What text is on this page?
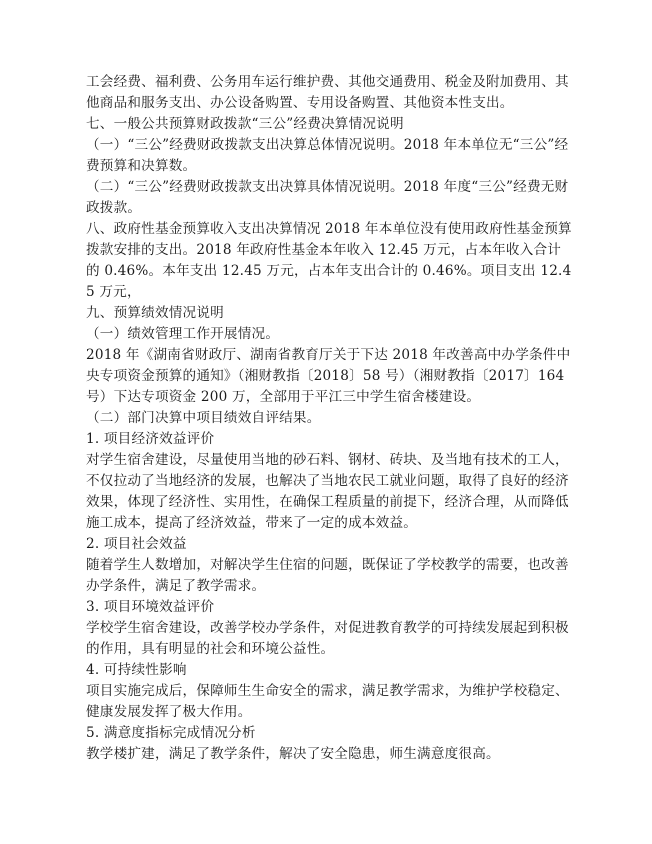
工会经费、福利费、公务用车运行维护费、其他交通费用、税金及附加费用、其他商品和服务支出、办公设备购置、专用设备购置、其他资本性支出。

七、一般公共预算财政拨款“三公”经费决算情况说明

（一）“三公”经费财政拨款支出决算总体情况说明。2018 年本单位无“三公”经费预算和决算数。

（二）“三公”经费财政拨款支出决算具体情况说明。2018 年度“三公”经费无财政拨款。

八、政府性基金预算收入支出决算情况 2018 年本单位没有使用政府性基金预算拨款安排的支出。2018 年政府性基金本年收入 12.45 万元，占本年收入合计的 0.46%。本年支出 12.45 万元，占本年支出合计的 0.46%。项目支出 12.45 万元，

九、预算绩效情况说明

（一）绩效管理工作开展情况。

2018 年《湖南省财政厅、湖南省教育厅关于下达 2018 年改善高中办学条件中央专项资金预算的通知》（湘财教指〔2018〕58 号）（湘财教指〔2017〕164 号）下达专项资金 200 万，全部用于平江三中学生宿舍楼建设。

（二）部门决算中项目绩效自评结果。

1. 项目经济效益评价

对学生宿舍建设，尽量使用当地的砂石料、钢材、砖块、及当地有技术的工人，不仅拉动了当地经济的发展，也解决了当地农民工就业问题，取得了良好的经济效果，体现了经济性、实用性，在确保工程质量的前提下，经济合理，从而降低施工成本，提高了经济效益，带来了一定的成本效益。

2. 项目社会效益

随着学生人数增加，对解决学生住宿的问题，既保证了学校教学的需要，也改善办学条件，满足了教学需求。

3. 项目环境效益评价

学校学生宿舍建设，改善学校办学条件，对促进教育教学的可持续发展起到积极的作用，具有明显的社会和环境公益性。

4. 可持续性影响

项目实施完成后，保障师生生命安全的需求，满足教学需求，为维护学校稳定、健康发展发挥了极大作用。

5. 满意度指标完成情况分析

教学楼扩建，满足了教学条件，解决了安全隐患，师生满意度很高。
